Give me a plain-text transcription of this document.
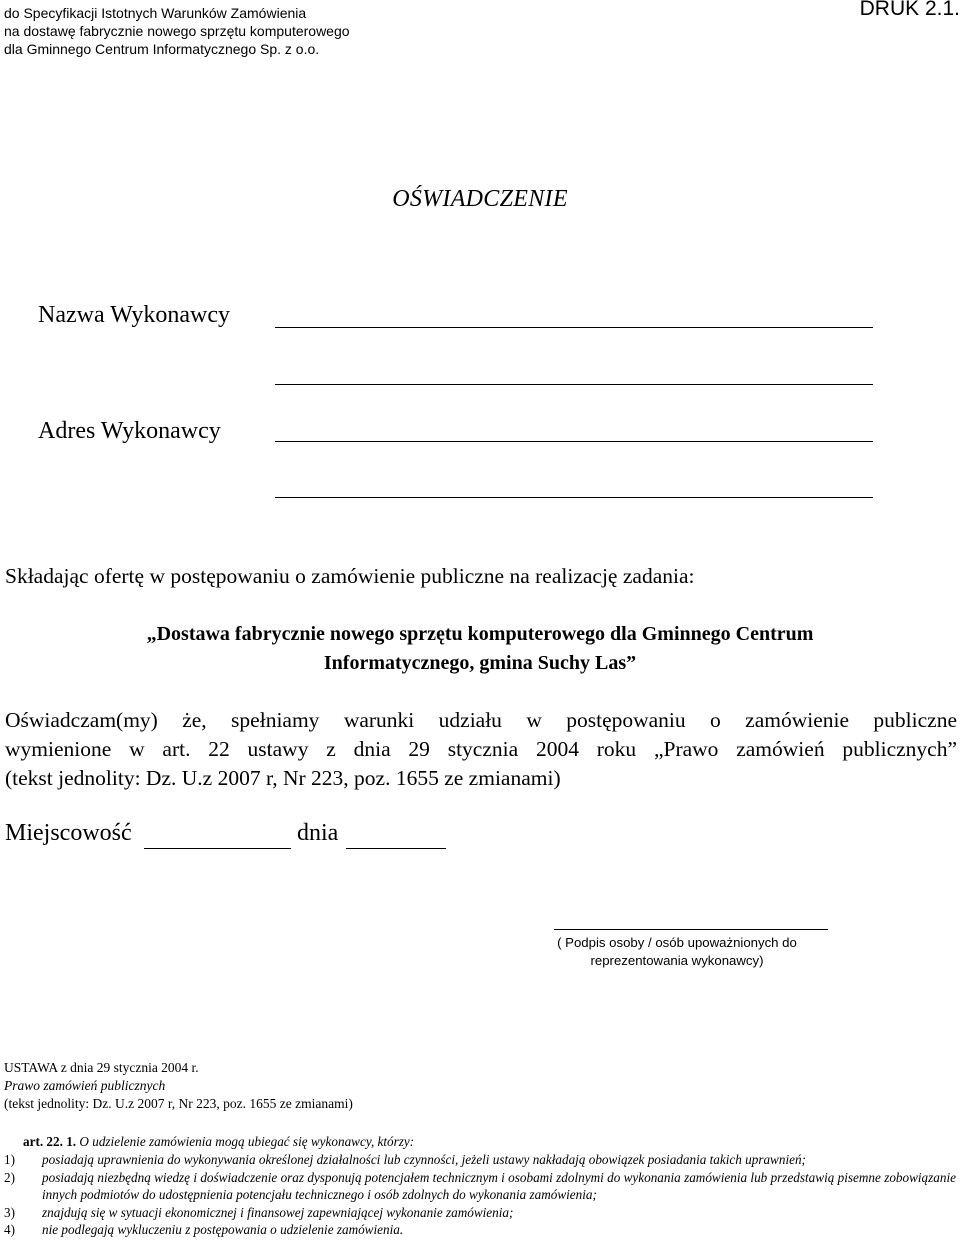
do Specyfikacji Istotnych Warunków Zamówienia
na dostawę fabrycznie nowego sprzętu komputerowego
dla Gminnego Centrum Informatycznego Sp. z o.o.
DRUK 2.1.
OŚWIADCZENIE
Nazwa Wykonawcy
Adres Wykonawcy
Składając ofertę w postępowaniu o zamówienie publiczne na realizację zadania:
„Dostawa fabrycznie nowego sprzętu komputerowego dla Gminnego Centrum
Informatycznego, gmina Suchy Las”
Oświadczam(my) że, spełniamy warunki udziału w postępowaniu o zamówienie publiczne
wymienione w art. 22 ustawy z dnia 29 stycznia 2004 roku „Prawo zamówień publicznych”
(tekst jednolity: Dz. U.z 2007 r, Nr 223, poz. 1655 ze zmianami)
Miejscowość	dnia
( Podpis osoby / osób upoważnionych do
reprezentowania wykonawcy)
USTAWA z dnia 29 stycznia 2004 r.
Prawo zamówień publicznych
(tekst jednolity: Dz. U.z 2007 r, Nr 223, poz. 1655 ze zmianami)
art. 22. 1. O udzielenie zamówienia mogą ubiegać się wykonawcy, którzy:
1)	posiadają uprawnienia do wykonywania określonej działalności lub czynności, jeżeli ustawy nakładają obowiązek posiadania takich uprawnień;
2)	posiadają niezbędną wiedzę i doświadczenie oraz dysponują potencjałem technicznym i osobami zdolnymi do wykonania zamówienia lub przedstawią pisemne zobowiązanie innych podmiotów do udostępnienia potencjału technicznego i osób zdolnych do wykonania zamówienia;
3)	znajdują się w sytuacji ekonomicznej i finansowej zapewniającej wykonanie zamówienia;
4)	nie podlegają wykluczeniu z postępowania o udzielenie zamówienia.
